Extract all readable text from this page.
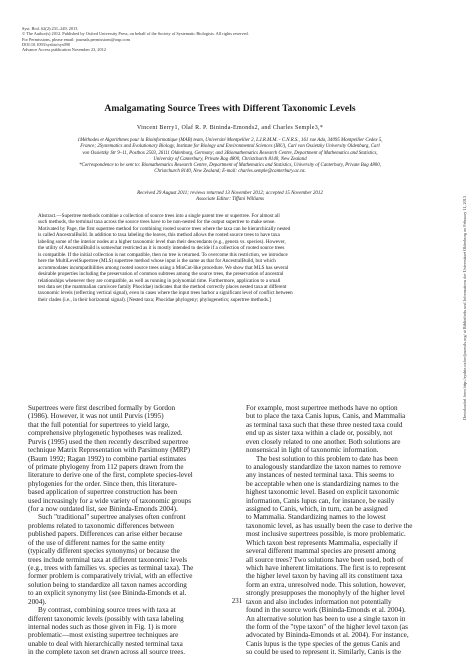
Syst. Biol. 62(2):231–249, 2013
© The Author(s) 2012. Published by Oxford University Press, on behalf of the Society of Systematic Biologists. All rights reserved.
For Permissions, please email: journals.permissions@oup.com
DOI:10.1093/sysbio/sys090
Advance Access publication November 23, 2012
Amalgamating Source Trees with Different Taxonomic Levels
Vincent Berry1, Olaf R. P. Bininda-Emonds2, and Charles Semple3,*
1Méthodes et Algorithmes pour la Bioinformatique (MAB) team, Université Montpellier 2, L.I.R.M.M. - C.N.R.S., 161 rue Ada, 34095 Montpellier Cedex 5,
France; 2Systematics and Evolutionary Biology, Institute for Biology and Environmental Sciences (IBU), Carl von Ossietzky University Oldenburg, Carl
von Ossietzky Str 9–11, Postbox 2503, 26111 Oldenburg, Germany; and 3Biomathematics Research Centre, Department of Mathematics and Statistics,
University of Canterbury, Private Bag 4800, Christchurch 8140, New Zealand
*Correspondence to be sent to: Biomathematics Research Centre, Department of Mathematics and Statistics, University of Canterbury, Private Bag 4800,
Christchurch 8140, New Zealand; E-mail: charles.semple@canterbury.ac.nz.
Received 29 August 2011; reviews returned 13 November 2012; accepted 15 November 2012
Associate Editor: Tiffani Williams
Abstract.—Supertree methods combine a collection of source trees into a single parent tree or supertree. For almost all
such methods, the terminal taxa across the source trees have to be non-nested for the output supertree to make sense.
Motivated by Page, the first supertree method for combining rooted source trees where the taxa can be hierarchically nested
is called AncestralBuild. In addition to taxa labeling the leaves, this method allows the rooted source trees to have taxa
labeling some of the interior nodes at a higher taxonomic level than their descendants (e.g., genera vs. species). However,
the utility of AncestralBuild is somewhat restricted as it is mostly intended to decide if a collection of rooted source trees
is compatible. If the initial collection is not compatible, then no tree is returned. To overcome this restriction, we introduce
here the MultiLevelSupertree (MLS) supertree method whose input is the same as that for AncestralBuild, but which
accommodates incompatibilities among rooted source trees using a MinCut-like procedure. We show that MLS has several
desirable properties including the preservation of common subtrees among the source trees, the preservation of ancestral
relationships whenever they are compatible, as well as running in polynomial time. Furthermore, application to a small
test data set (the mammalian carnivore family Phocidae) indicates that the method correctly places nested taxa at different
taxonomic levels (reflecting vertical signal), even in cases where the input trees harbor a significant level of conflict between
their clades (i.e., in their horizontal signal). [Nested taxa; Phocidae phylogeny; phylogenetics; supertree methods.]
Supertrees were first described formally by Gordon
(1986). However, it was not until Purvis (1995)
that the full potential for supertrees to yield large,
comprehensive phylogenetic hypotheses was realized.
Purvis (1995) used the then recently described supertree
technique Matrix Representation with Parsimony (MRP)
(Baum 1992; Ragan 1992) to combine partial estimates
of primate phylogeny from 112 papers drawn from the
literature to derive one of the first, complete species-level
phylogenies for the order. Since then, this literature-
based application of supertree construction has been
used increasingly for a wide variety of taxonomic groups
(for a now outdated list, see Bininda-Emonds 2004).
Such "traditional" supertree analyses often confront
problems related to taxonomic differences between
published papers. Differences can arise either because
of the use of different names for the same entity
(typically different species synonyms) or because the
trees include terminal taxa at different taxonomic levels
(e.g., trees with families vs. species as terminal taxa). The
former problem is comparatively trivial, with an effective
solution being to standardize all taxon names according
to an explicit synonymy list (see Bininda-Emonds et al.
2004).
By contrast, combining source trees with taxa at
different taxonomic levels (possibly with taxa labeling
internal nodes such as those given in Fig. 1) is more
problematic—most existing supertree techniques are
unable to deal with hierarchically nested terminal taxa
in the complete taxon set drawn across all source trees.
For example, most supertree methods have no option
but to place the taxa Canis lupus, Canis, and Mammalia
as terminal taxa such that these three nested taxa could
end up as sister taxa within a clade or, possibly, not
even closely related to one another. Both solutions are
nonsensical in light of taxonomic information.
The best solution to this problem to date has been
to analogously standardize the taxon names to remove
any instances of nested terminal taxa. This seems to
be acceptable when one is standardizing names to the
highest taxonomic level. Based on explicit taxonomic
information, Canis lupus can, for instance, be easily
assigned to Canis, which, in turn, can be assigned
to Mammalia. Standardizing names to the lowest
taxonomic level, as has usually been the case to derive the
most inclusive supertrees possible, is more problematic.
Which taxon best represents Mammalia, especially if
several different mammal species are present among
all source trees? Two solutions have been used, both of
which have inherent limitations. The first is to represent
the higher level taxon by having all its constituent taxa
form an extra, unresolved node. This solution, however,
strongly presupposes the monophyly of the higher level
taxon and also includes information not potentially
found in the source work (Bininda-Emonds et al. 2004).
An alternative solution has been to use a single taxon in
the form of the "type taxon" of the higher level taxon (as
advocated by Bininda-Emonds et al. 2004). For instance,
Canis lupus is the type species of the genus Canis and
so could be used to represent it. Similarly, Canis is the
231
Downloaded from http://sysbio.oxfordjournals.org/ at Bibliotheks und Informations der Universitaet Oldenburg on February 11, 2013
